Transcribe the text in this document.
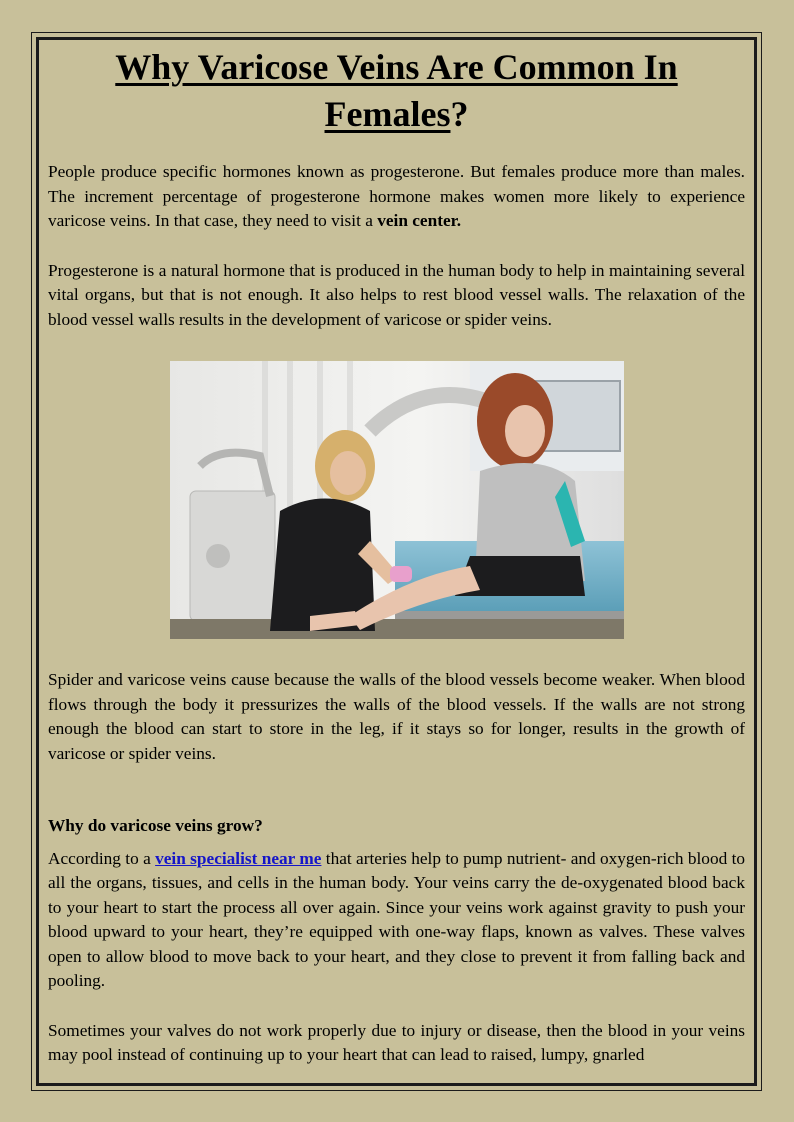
Why Varicose Veins Are Common In
Females?

People produce specific hormones known as progesterone. But females produce more than males. The increment percentage of progesterone hormone makes women more likely to experience varicose veins. In that case, they need to visit a vein center.

Progesterone is a natural hormone that is produced in the human body to help in maintaining several vital organs, but that is not enough. It also helps to rest blood vessel walls. The relaxation of the blood vessel walls results in the development of varicose or spider veins.

Spider and varicose veins cause because the walls of the blood vessels become weaker. When blood flows through the body it pressurizes the walls of the blood vessels. If the walls are not strong enough the blood can start to store in the leg, if it stays so for longer, results in the growth of varicose or spider veins.

Why do varicose veins grow?

According to a vein specialist near me that arteries help to pump nutrient- and oxygen-rich blood to all the organs, tissues, and cells in the human body. Your veins carry the de-oxygenated blood back to your heart to start the process all over again. Since your veins work against gravity to push your blood upward to your heart, they’re equipped with one-way flaps, known as valves. These valves open to allow blood to move back to your heart, and they close to prevent it from falling back and pooling.

Sometimes your valves do not work properly due to injury or disease, then the blood in your veins may pool instead of continuing up to your heart that can lead to raised, lumpy, gnarled
